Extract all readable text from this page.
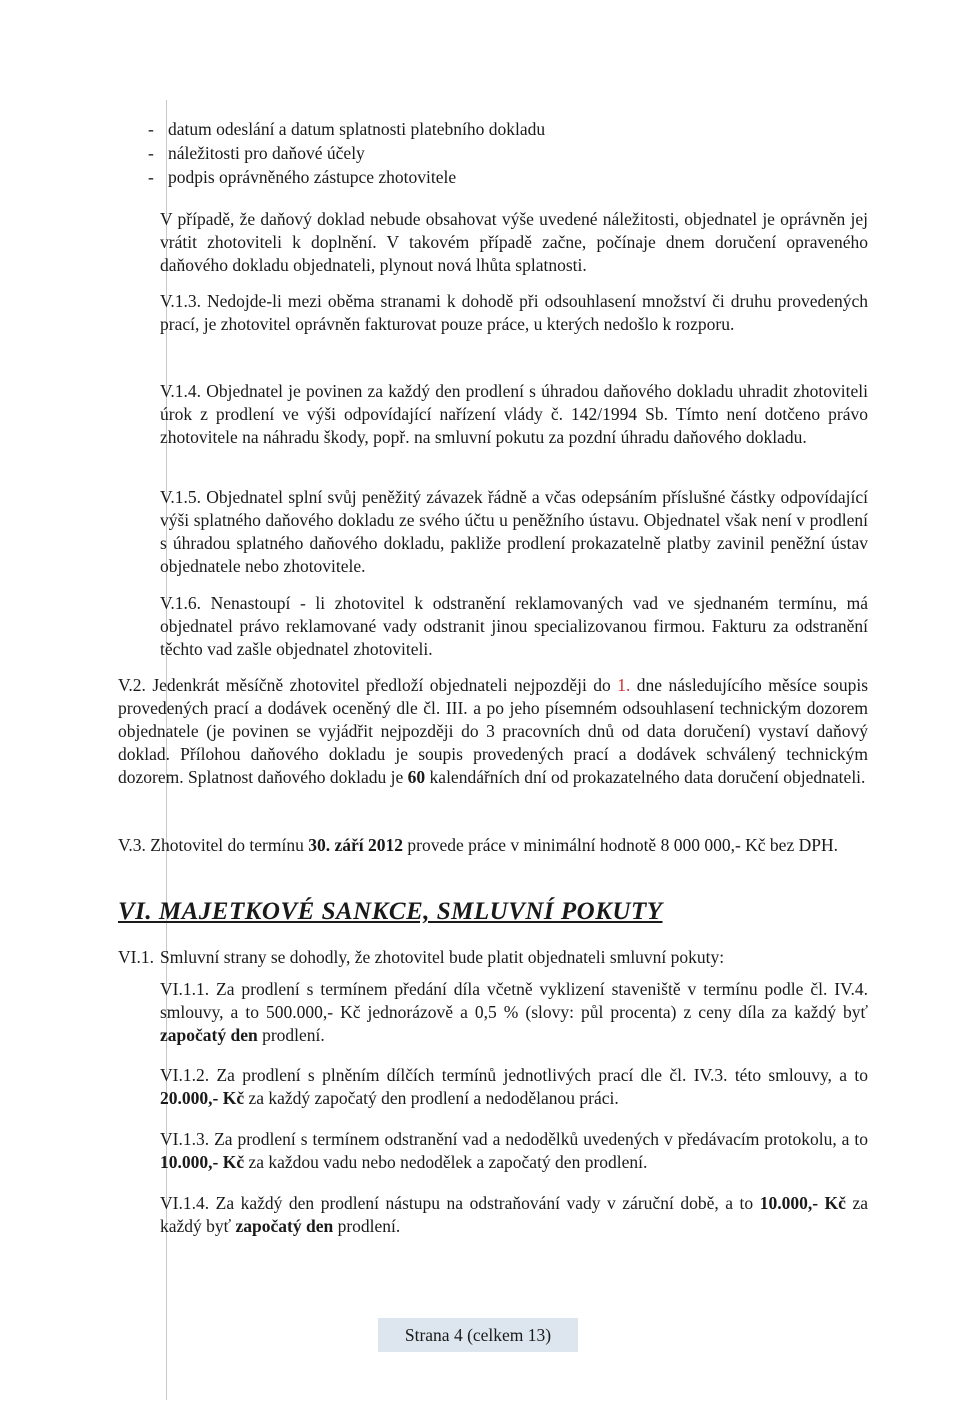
- datum odeslání a datum splatnosti platebního dokladu
- náležitosti pro daňové účely
- podpis oprávněného zástupce zhotovitele
V případě, že daňový doklad nebude obsahovat výše uvedené náležitosti, objednatel je oprávněn jej vrátit zhotoviteli k doplnění. V takovém případě začne, počínaje dnem doručení opraveného daňového dokladu objednateli, plynout nová lhůta splatnosti.
V.1.3. Nedojde-li mezi oběma stranami k dohodě při odsouhlasení množství či druhu provedených prací, je zhotovitel oprávněn fakturovat pouze práce, u kterých nedošlo k rozporu.
V.1.4. Objednatel je povinen za každý den prodlení s úhradou daňového dokladu uhradit zhotoviteli úrok z prodlení ve výši odpovídající nařízení vlády č. 142/1994 Sb. Tímto není dotčeno právo zhotovitele na náhradu škody, popř. na smluvní pokutu za pozdní úhradu daňového dokladu.
V.1.5. Objednatel splní svůj peněžitý závazek řádně a včas odepsáním příslušné částky odpovídající výši splatného daňového dokladu ze svého účtu u peněžního ústavu. Objednatel však není v prodlení s úhradou splatného daňového dokladu, pakliže prodlení prokazatelně platby zavinil peněžní ústav objednatele nebo zhotovitele.
V.1.6. Nenastoupí - li zhotovitel k odstranění reklamovaných vad ve sjednaném termínu, má objednatel právo reklamované vady odstranit jinou specializovanou firmou. Fakturu za odstranění těchto vad zašle objednatel zhotoviteli.
V.2. Jedenkrát měsíčně zhotovitel předloží objednateli nejpozději do 1. dne následujícího měsíce soupis provedených prací a dodávek oceněný dle čl. III. a po jeho písemném odsouhlasení technickým dozorem objednatele (je povinen se vyjádřit nejpozději do 3 pracovních dnů od data doručení) vystaví daňový doklad. Přílohou daňového dokladu je soupis provedených prací a dodávek schválený technickým dozorem. Splatnost daňového dokladu je 60 kalendářních dní od prokazatelného data doručení objednateli.
V.3. Zhotovitel do termínu 30. září 2012 provede práce v minimální hodnotě 8 000 000,- Kč bez DPH.
VI. MAJETKOVÉ SANKCE, SMLUVNÍ POKUTY
VI.1. Smluvní strany se dohodly, že zhotovitel bude platit objednateli smluvní pokuty:
VI.1.1. Za prodlení s termínem předání díla včetně vyklizení staveniště v termínu podle čl. IV.4. smlouvy, a to 500.000,- Kč jednorázově a 0,5 % (slovy: půl procenta) z ceny díla za každý byť započatý den prodlení.
VI.1.2. Za prodlení s plněním dílčích termínů jednotlivých prací dle čl. IV.3. této smlouvy, a to 20.000,- Kč za každý započatý den prodlení a nedodělanou práci.
VI.1.3. Za prodlení s termínem odstranění vad a nedodělků uvedených v předávacím protokolu, a to 10.000,- Kč za každou vadu nebo nedodělek a započatý den prodlení.
VI.1.4. Za každý den prodlení nástupu na odstraňování vady v záruční době, a to 10.000,- Kč za každý byť započatý den prodlení.
Strana 4 (celkem 13)
